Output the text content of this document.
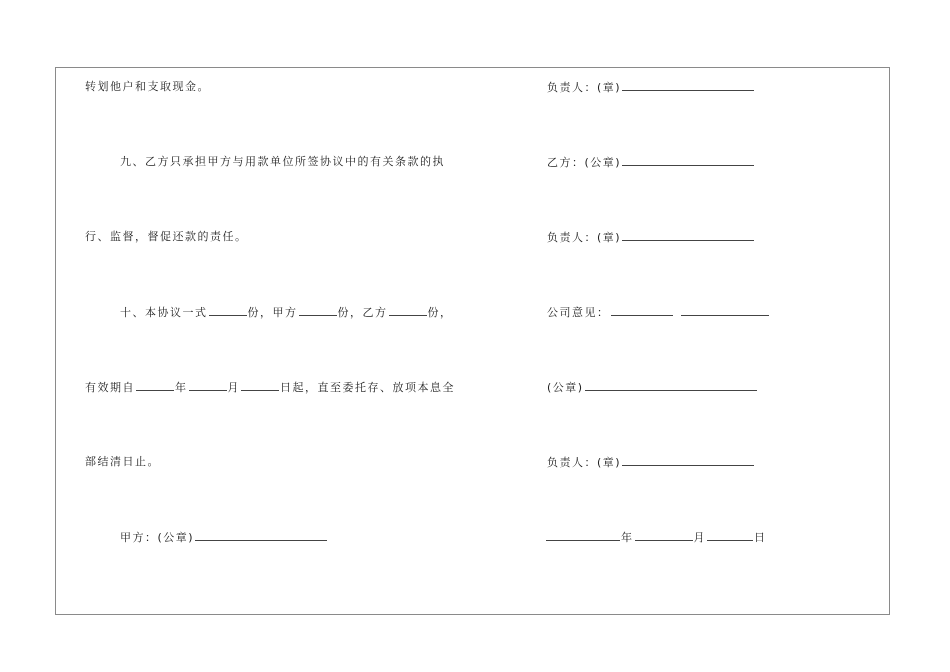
转划他户和支取现金。
九、乙方只承担甲方与用款单位所签协议中的有关条款的执
行、监督，督促还款的责任。
十、本协议一式	份，甲方	份，乙方	份，
有效期自	年	月	日起，直至委托存、放项本息全
部结清日止。
甲方：(公章)
负责人：(章)
乙方：(公章)
负责人：(章)
公司意见：
(公章)
负责人：(章)
年	月	日
